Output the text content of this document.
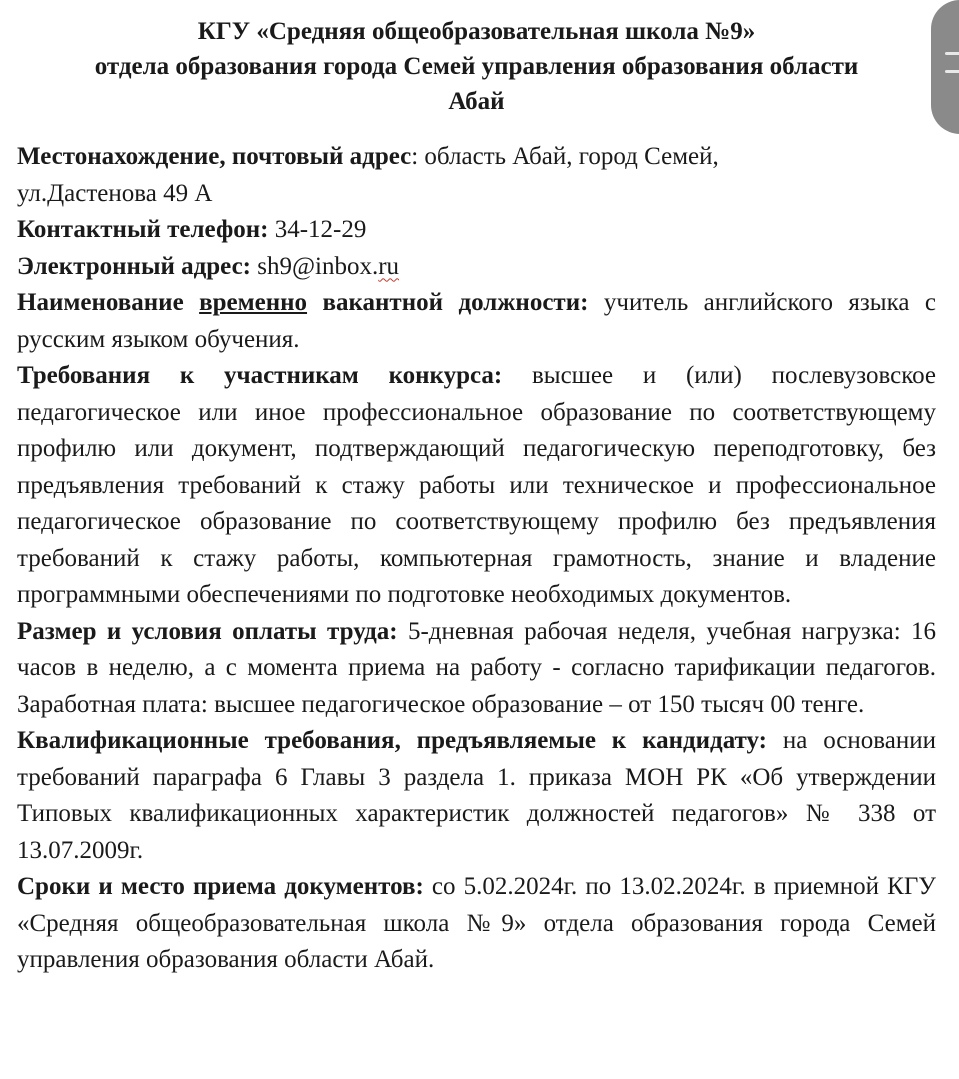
КГУ «Средняя общеобразовательная школа №9»
отдела образования города Семей управления образования области
Абай

Местонахождение, почтовый адрес: область Абай, город Семей,
ул.Дастенова 49 А

Контактный телефон: 34-12-29

Электронный адрес: sh9@inbox.ru

Наименование временно вакантной должности: учитель английского языка с русским языком обучения.

Требования к участникам конкурса: высшее и (или) послевузовское педагогическое или иное профессиональное образование по соответствующему профилю или документ, подтверждающий педагогическую переподготовку, без предъявления требований к стажу работы или техническое и профессиональное педагогическое образование по соответствующему профилю без предъявления требований к стажу работы, компьютерная грамотность, знание и владение программными обеспечениями по подготовке необходимых документов.

Размер и условия оплаты труда: 5-дневная рабочая неделя, учебная нагрузка: 16 часов в неделю, а с момента приема на работу - согласно тарификации педагогов. Заработная плата: высшее педагогическое образование – от 150 тысяч 00 тенге.

Квалификационные требования, предъявляемые к кандидату: на основании требований параграфа 6 Главы 3 раздела 1. приказа МОН РК «Об утверждении Типовых квалификационных характеристик должностей педагогов» № 338 от 13.07.2009г.

Сроки и место приема документов: со 5.02.2024г. по 13.02.2024г. в приемной КГУ «Средняя общеобразовательная школа №9» отдела образования города Семей управления образования области Абай.
